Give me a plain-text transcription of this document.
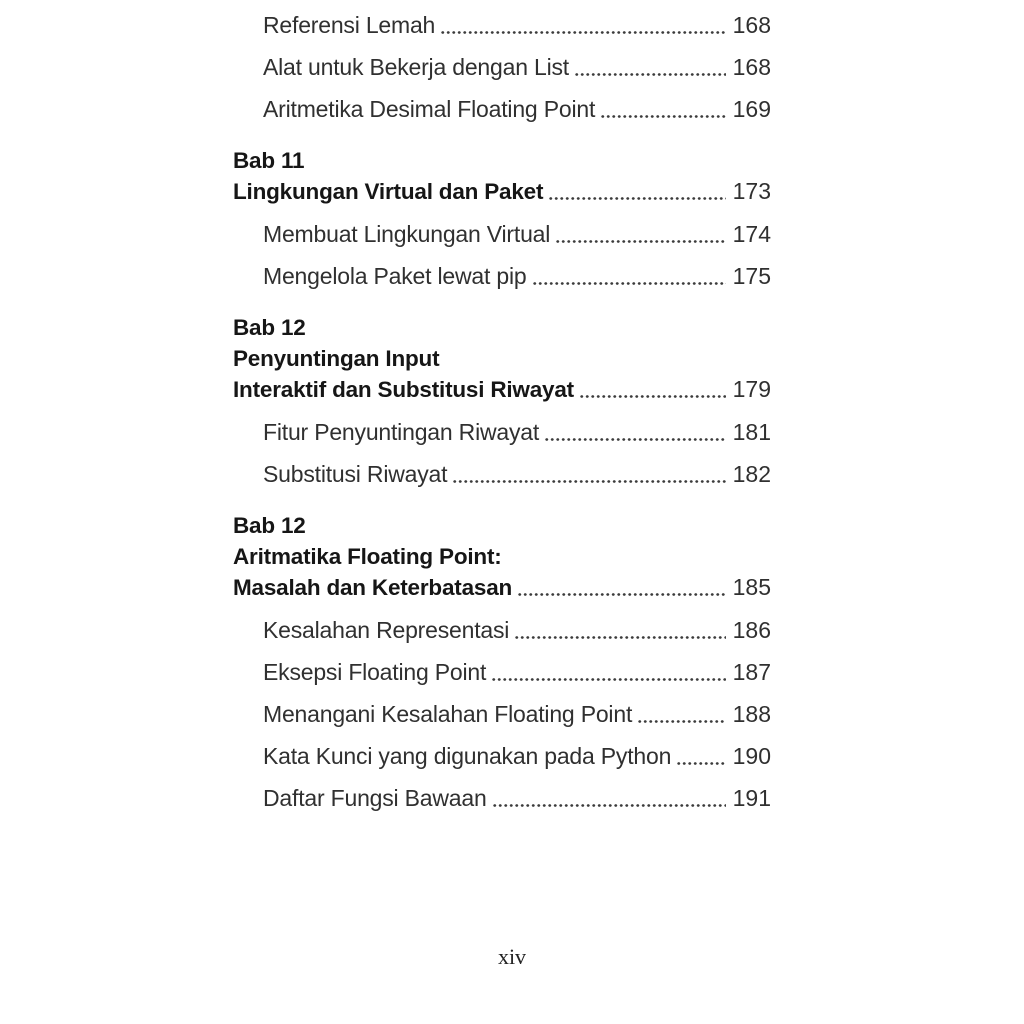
Referensi Lemah	168
Alat untuk Bekerja dengan List	168
Aritmetika Desimal Floating Point	169
Bab 11
Lingkungan Virtual dan Paket	173
Membuat Lingkungan Virtual	174
Mengelola Paket lewat pip	175
Bab 12
Penyuntingan Input
Interaktif dan Substitusi Riwayat	179
Fitur Penyuntingan Riwayat	181
Substitusi Riwayat	182
Bab 12
Aritmatika Floating Point:
Masalah dan Keterbatasan	185
Kesalahan Representasi	186
Eksepsi Floating Point	187
Menangani Kesalahan Floating Point	188
Kata Kunci yang digunakan pada Python	190
Daftar Fungsi Bawaan	191
xiv
